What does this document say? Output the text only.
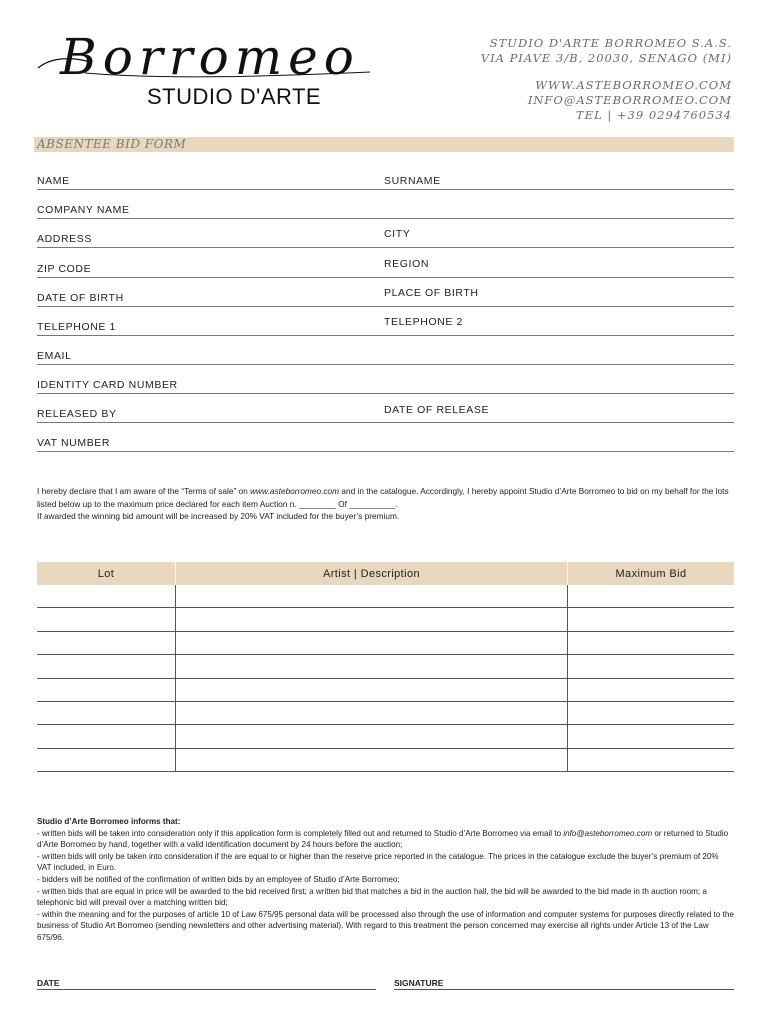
Borromeo
STUDIO D'ARTE
STUDIO D'ARTE BORROMEO S.A.S.
VIA PIAVE 3/B, 20030, SENAGO (MI)
WWW.ASTEBORROMEO.COM
INFO@ASTEBORROMEO.COM
TEL | +39 0294760534
ABSENTEE BID FORM
NAME	SURNAME
COMPANY NAME
ADDRESS	CITY
ZIP CODE	REGION
DATE OF BIRTH	PLACE OF BIRTH
TELEPHONE 1	TELEPHONE 2
EMAIL
IDENTITY CARD NUMBER
RELEASED BY	DATE OF RELEASE
VAT NUMBER
I hereby declare that I am aware of the “Terms of sale” on www.asteborromeo.com and in the catalogue. Accordingly, I hereby appoint Studio d’Arte Borromeo to bid on my behalf for the lots listed below up to the maximum price declared for each item Auction n. ________ Of __________.
If awarded the winning bid amount will be increased by 20% VAT included for the buyer’s premium.
Lot	Artist | Description	Maximum Bid

Studio d’Arte Borromeo informs that:
- written bids will be taken into consideration only if this application form is completely filled out and returned to Studio d’Arte Borromeo via email to info@asteborromeo.com or returned to Studio d’Arte Borromeo by hand, together with a valid identification document by 24 hours before the auction;
- written bids will only be taken into consideration if the are equal to or higher than the reserve price reported in the catalogue. The prices in the catalogue exclude the buyer’s premium of 20% VAT included, in Euro.
- bidders will be notified of the confirmation of written bids by an employee of Studio d’Arte Borromeo;
- written bids that are equal in price will be awarded to the bid received first; a written bid that matches a bid in the auction hall, the bid will be awarded to the bid made in th auction room; a telephonic bid will prevail over a matching written bid;
- within the meaning and for the purposes of article 10 of Law 675/95 personal data will be processed also through the use of information and computer systems for purposes directly related to the business of Studio Art Borromeo (sending newsletters and other advertising material). With regard to this treatment the person concerned may exercise all rights under Article 13 of the Law 675/96.
DATE	SIGNATURE
